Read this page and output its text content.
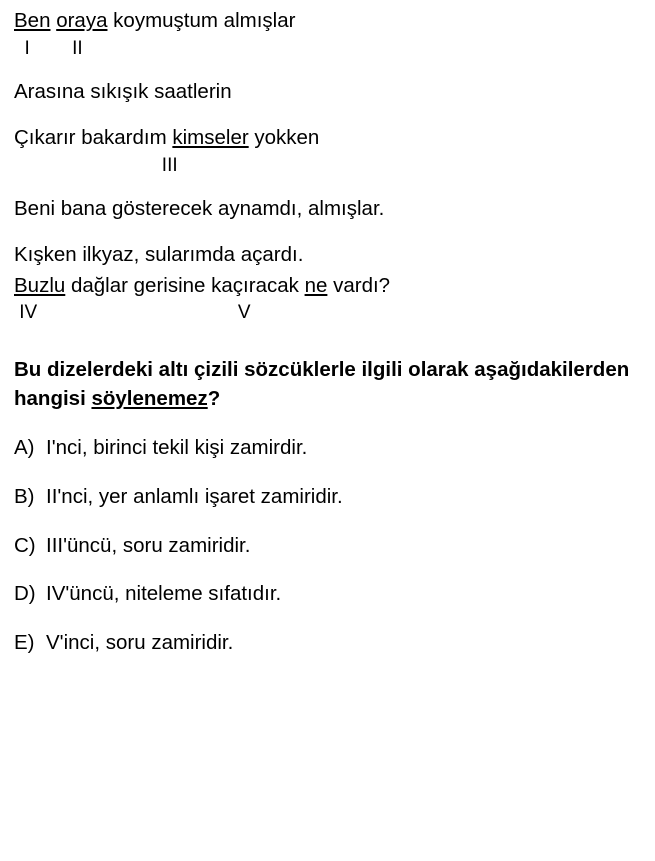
Ben oraya koymuştum almışlar

I        II

Arasına sıkışık saatlerin

Çıkarır bakardım kimseler yokken

III

Beni bana gösterecek aynamdı, almışlar.

Kışken ilkyaz, sularımda açardı.

Buzlu dağlar gerisine kaçıracak ne vardı?

IV                                      V

Bu dizelerdeki altı çizili sözcüklerle ilgili olarak aşağıdakilerden hangisi söylenemez?

A) I'nci, birinci tekil kişi zamirdir.
B) II'nci, yer anlamlı işaret zamiridir.
C) III'üncü, soru zamiridir.
D) IV'üncü, niteleme sıfatıdır.
E) V'inci, soru zamiridir.
